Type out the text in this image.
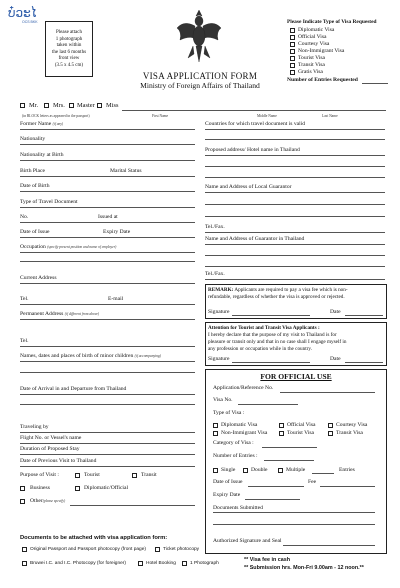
ບ໋ວະໄ
OCS BKK
Please attach
1 photograph
taken within
the last 6 months
front view
(3.5 x 4.5 cm)
Please Indicate Type of Visa Requested
Diplomatic Visa
Official Visa
Courtesy Visa
Non-Immigrant Visa
Tourist Visa
Transit Visa
Gratis Visa
Number of Entries Requested
VISA APPLICATION FORM
Ministry of Foreign Affairs of Thailand
Mr. Mrs. Master Miss
(in BLOCK letters as appeared in the passport)	First Name	Middle Name	Last Name
Former Name (if any)
Nationality
Nationality at Birth
Birth Place	Marital Status
Date of Birth
Type of Travel Document
No.	Issued at
Date of Issue	Expiry Date
Occupation (specify present position and name of employer)
Current Address
Tel.	E-mail
Permanent Address (if different from above)
Tel.
Names, dates and places of birth of minor children (if accompanying)
Date of Arrival in and Departure from Thailand
Traveling by
Flight No. or Vessel's name
Duration of Proposed Stay
Date of Previous Visit to Thailand
Purpose of Visit :	Tourist	Transit
Business	Diplomatic/Official
Other(please specify)
Countries for which travel document is valid
Proposed address/ Hotel name in Thailand
Name and Address of Local Guarantor
Tel./Fax.
Name and Address of Guarantor in Thailand
Tel./Fax.
REMARK: Applicants are required to pay a visa fee which is non-
refundable, regardless of whether the visa is approved or rejected.
Signature	Date
Attention for Tourist and Transit Visa Applicants :
I hereby declare that the purpose of my visit to Thailand is for
pleasure or transit only and that in no case shall I engage myself in
any profession or occupation while in the country.
Signature	Date
FOR OFFICIAL USE
Application/Reference No.
Visa No.
Type of Visa :
Diplomatic Visa	Official Visa	Courtesy Visa
Non-Immigrant Visa	Tourist Visa	Transit Visa
Category of Visa :
Number of Entries :
Single	Double	Multiple	Entries
Date of Issue	Fee
Expiry Date
Documents Submitted
Authorized Signature and Seal
Documents to be attached with visa application form:
Original Passport and Passport photocopy (front page)	Ticket photocopy
Bruwei I.C. and I.C. Photocopy (for foreigner)	Hotel Booking	1 Photograph
** Visa fee in cash
** Submission hrs. Mon-Fri 9.00am - 12 noon.**
